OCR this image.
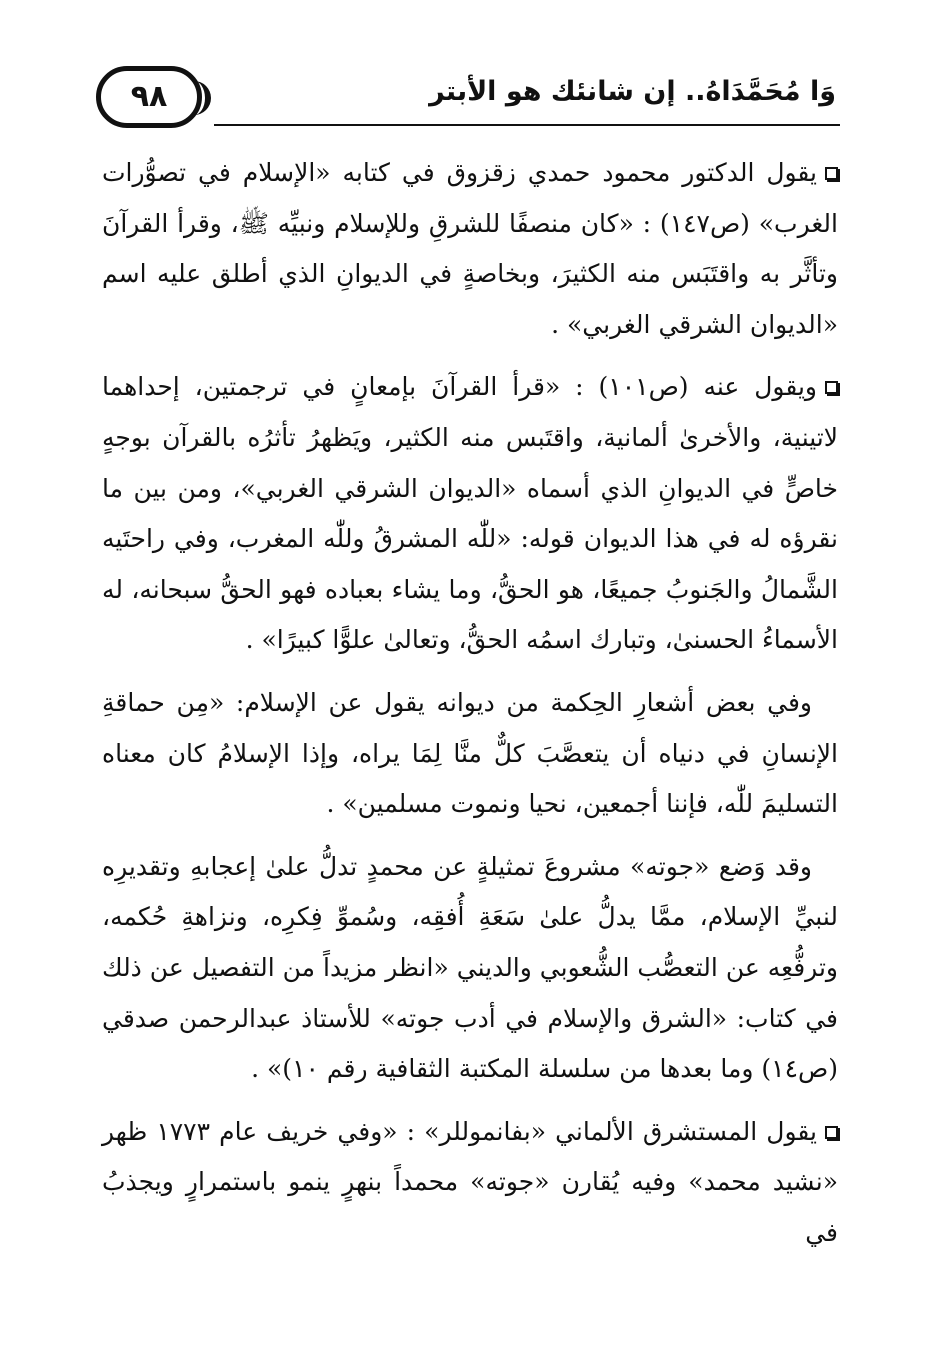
٩٨	وَا مُحَمَّدَاهُ.. إن شانئك هو الأبتر

يقول الدكتور محمود حمدي زقزوق في كتابه «الإسلام في تصوُّرات الغرب» (ص١٤٧) : «كان منصفًا للشرقِ وللإسلام ونبيِّه ﷺ، وقرأ القرآنَ وتأثَّر به واقتَبَس منه الكثيرَ، وبخاصةٍ في الديوانِ الذي أطلق عليه اسم «الديوان الشرقي الغربي» .

ويقول عنه (ص١٠١) : «قرأ القرآنَ بإمعانٍ في ترجمتين، إحداهما لاتينية، والأخرىٰ ألمانية، واقتَبس منه الكثير، ويَظهرُ تأثرُه بالقرآن بوجهٍ خاصٍّ في الديوانِ الذي أسماه «الديوان الشرقي الغربي»، ومن بين ما نقرؤه له في هذا الديوان قوله: «للّٰه المشرقُ وللّٰه المغرب، وفي راحتَيه الشَّمالُ والجَنوبُ جميعًا، هو الحقُّ، وما يشاء بعباده فهو الحقُّ سبحانه، له الأسماءُ الحسنىٰ، وتبارك اسمُه الحقُّ، وتعالىٰ علوًّا كبيرًا» .

وفي بعض أشعارِ الحِكمة من ديوانه يقول عن الإسلام: «مِن حماقةِ الإنسانِ في دنياه أن يتعصَّبَ كلٌّ منَّا لِمَا يراه، وإذا الإسلامُ كان معناه التسليمَ للّٰه، فإننا أجمعين، نحيا ونموت مسلمين» .

وقد وَضع «جوته» مشروعَ تمثيلةٍ عن محمدٍ تدلُّ علىٰ إعجابهِ وتقديرِه لنبيِّ الإسلام، ممَّا يدلُّ علىٰ سَعَةِ أُفقِه، وسُموِّ فِكرِه، ونزاهةِ حُكمه، وترفُّعِه عن التعصُّب الشُّعوبي والديني «انظر مزيداً من التفصيل عن ذلك في كتاب: «الشرق والإسلام في أدب جوته» للأستاذ عبدالرحمن صدقي (ص١٤) وما بعدها من سلسلة المكتبة الثقافية رقم ١٠)» .

يقول المستشرق الألماني «بفانموللر» : «وفي خريف عام ١٧٧٣ ظهر «نشيد محمد» وفيه يُقارن «جوته» محمداً بنهرٍ ينمو باستمرارٍ ويجذبُ في
